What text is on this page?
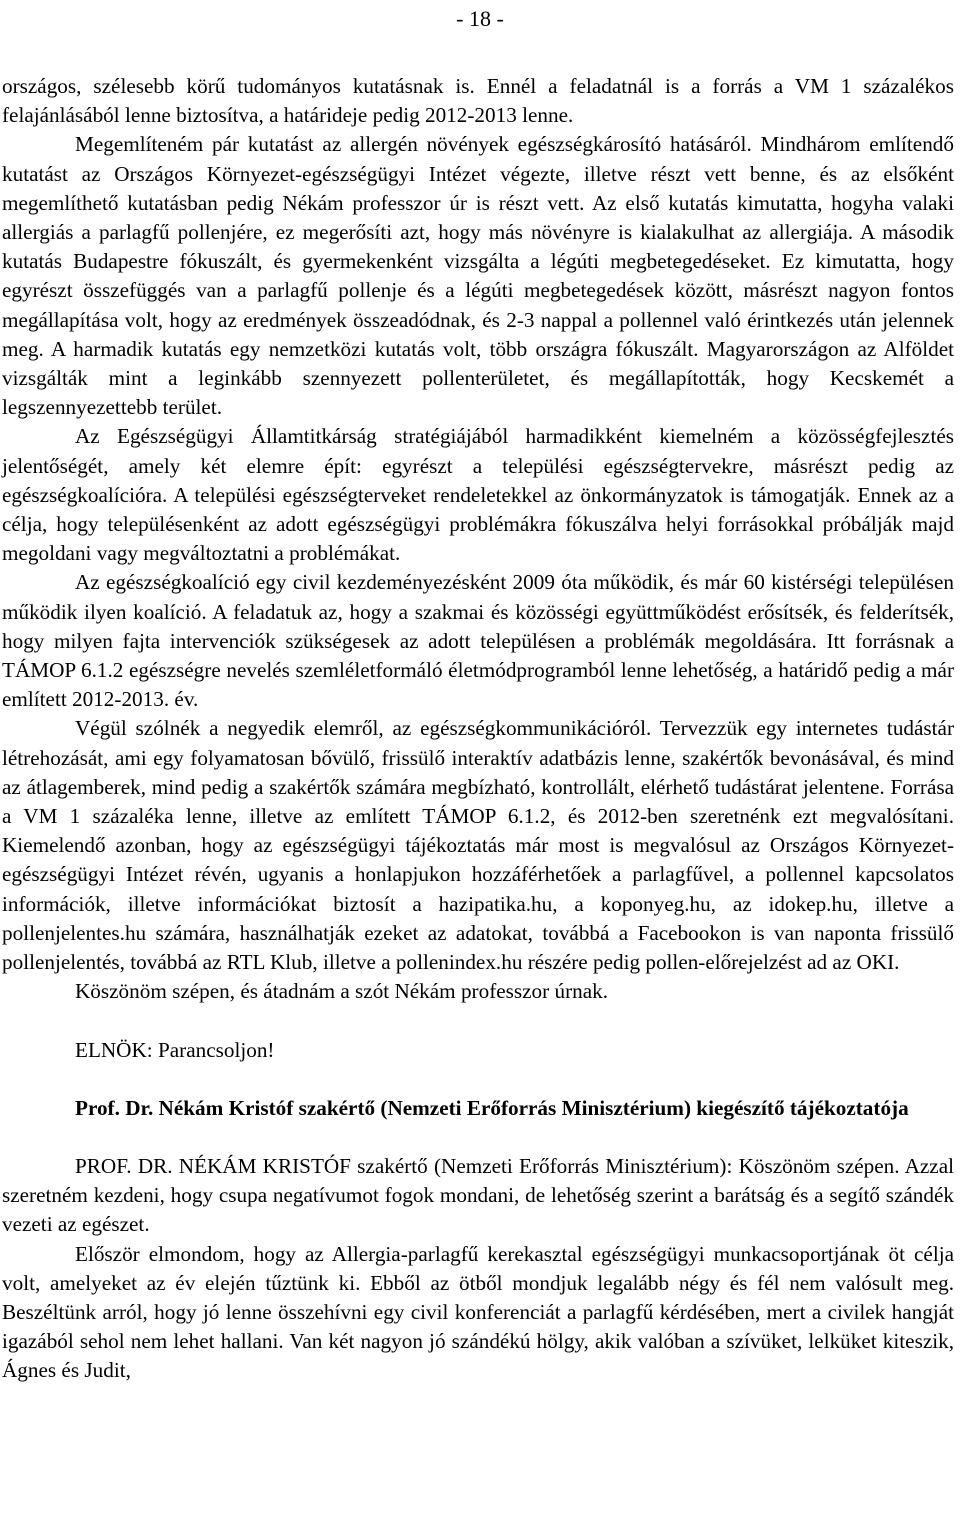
- 18 -

országos, szélesebb körű tudományos kutatásnak is. Ennél a feladatnál is a forrás a VM 1 százalékos felajánlásából lenne biztosítva, a határideje pedig 2012-2013 lenne.

Megemlíteném pár kutatást az allergén növények egészségkárosító hatásáról. Mindhárom említendő kutatást az Országos Környezet-egészségügyi Intézet végezte, illetve részt vett benne, és az elsőként megemlíthető kutatásban pedig Nékám professzor úr is részt vett. Az első kutatás kimutatta, hogyha valaki allergiás a parlagfű pollenjére, ez megerősíti azt, hogy más növényre is kialakulhat az allergiája. A második kutatás Budapestre fókuszált, és gyermekenként vizsgálta a légúti megbetegedéseket. Ez kimutatta, hogy egyrészt összefüggés van a parlagfű pollenje és a légúti megbetegedések között, másrészt nagyon fontos megállapítása volt, hogy az eredmények összeadódnak, és 2-3 nappal a pollennel való érintkezés után jelennek meg. A harmadik kutatás egy nemzetközi kutatás volt, több országra fókuszált. Magyarországon az Alföldet vizsgálták mint a leginkább szennyezett pollenterületet, és megállapították, hogy Kecskemét a legszennyezettebb terület.

Az Egészségügyi Államtitkárság stratégiájából harmadikként kiemelném a közösségfejlesztés jelentőségét, amely két elemre épít: egyrészt a települési egészségtervekre, másrészt pedig az egészségkoalícióra. A települési egészségterveket rendeletekkel az önkormányzatok is támogatják. Ennek az a célja, hogy településenként az adott egészségügyi problémákra fókuszálva helyi forrásokkal próbálják majd megoldani vagy megváltoztatni a problémákat.

Az egészségkoalíció egy civil kezdeményezésként 2009 óta működik, és már 60 kistérségi településen működik ilyen koalíció. A feladatuk az, hogy a szakmai és közösségi együttműködést erősítsék, és felderítsék, hogy milyen fajta intervenciók szükségesek az adott településen a problémák megoldására. Itt forrásnak a TÁMOP 6.1.2 egészségre nevelés szemléletformáló életmódprogramból lenne lehetőség, a határidő pedig a már említett 2012-2013. év.

Végül szólnék a negyedik elemről, az egészségkommunikációról. Tervezzük egy internetes tudástár létrehozását, ami egy folyamatosan bővülő, frissülő interaktív adatbázis lenne, szakértők bevonásával, és mind az átlagemberek, mind pedig a szakértők számára megbízható, kontrollált, elérhető tudástárat jelentene. Forrása a VM 1 százaléka lenne, illetve az említett TÁMOP 6.1.2, és 2012-ben szeretnénk ezt megvalósítani. Kiemelendő azonban, hogy az egészségügyi tájékoztatás már most is megvalósul az Országos Környezet-egészségügyi Intézet révén, ugyanis a honlapjukon hozzáférhetőek a parlagfűvel, a pollennel kapcsolatos információk, illetve információkat biztosít a hazipatika.hu, a koponyeg.hu, az idokep.hu, illetve a pollenjelentes.hu számára, használhatják ezeket az adatokat, továbbá a Facebookon is van naponta frissülő pollenjelentés, továbbá az RTL Klub, illetve a pollenindex.hu részére pedig pollen-előrejelzést ad az OKI.

Köszönöm szépen, és átadnám a szót Nékám professzor úrnak.

ELNÖK: Parancsoljon!

Prof. Dr. Nékám Kristóf szakértő (Nemzeti Erőforrás Minisztérium) kiegészítő tájékoztatója

PROF. DR. NÉKÁM KRISTÓF szakértő (Nemzeti Erőforrás Minisztérium): Köszönöm szépen. Azzal szeretném kezdeni, hogy csupa negatívumot fogok mondani, de lehetőség szerint a barátság és a segítő szándék vezeti az egészet.

Először elmondom, hogy az Allergia-parlagfű kerekasztal egészségügyi munkacsoportjának öt célja volt, amelyeket az év elején tűztünk ki. Ebből az ötből mondjuk legalább négy és fél nem valósult meg. Beszéltünk arról, hogy jó lenne összehívni egy civil konferenciát a parlagfű kérdésében, mert a civilek hangját igazából sehol nem lehet hallani. Van két nagyon jó szándékú hölgy, akik valóban a szívüket, lelküket kiteszik, Ágnes és Judit,
